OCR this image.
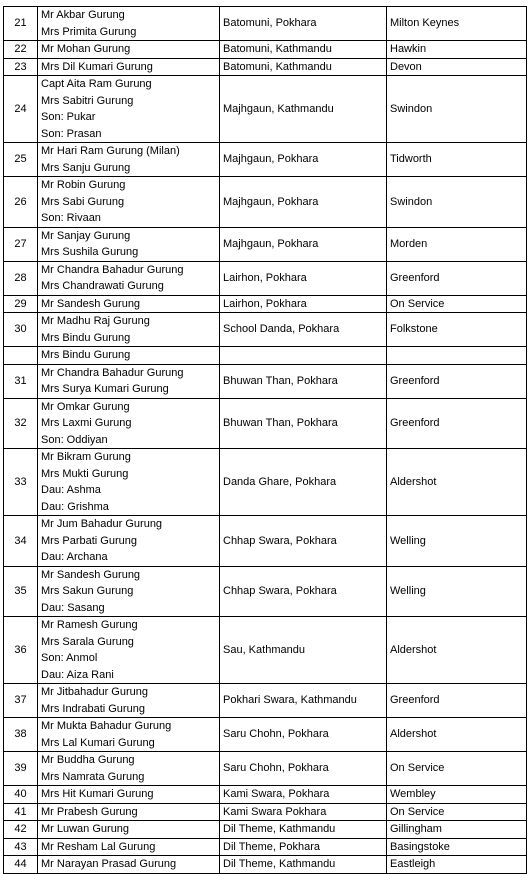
21	Mr Akbar Gurung
Mrs Primita Gurung	Batomuni, Pokhara	Milton Keynes
22	Mr Mohan Gurung	Batomuni, Kathmandu	Hawkin
23	Mrs Dil Kumari Gurung	Batomuni, Kathmandu	Devon
24	Capt Aita Ram Gurung
Mrs Sabitri Gurung
Son: Pukar
Son: Prasan	Majhgaun, Kathmandu	Swindon
25	Mr Hari Ram Gurung (Milan)
Mrs Sanju Gurung	Majhgaun, Pokhara	Tidworth
26	Mr Robin Gurung
Mrs Sabi Gurung
Son: Rivaan	Majhgaun, Pokhara	Swindon
27	Mr Sanjay Gurung
Mrs Sushila Gurung	Majhgaun, Pokhara	Morden
28	Mr Chandra Bahadur Gurung
Mrs Chandrawati Gurung	Lairhon, Pokhara	Greenford
29	Mr Sandesh Gurung	Lairhon, Pokhara	On Service
30	Mr Madhu Raj Gurung
Mrs Bindu Gurung	School Danda, Pokhara	Folkstone

	Mrs Bindu Gurung		

31	Mr Chandra Bahadur Gurung
Mrs Surya Kumari Gurung	Bhuwan Than, Pokhara	Greenford
32	Mr Omkar Gurung
Mrs Laxmi Gurung
Son: Oddiyan	Bhuwan Than, Pokhara	Greenford
33	Mr Bikram Gurung
Mrs Mukti Gurung
Dau: Ashma
Dau: Grishma	Danda Ghare, Pokhara	Aldershot
34	Mr Jum Bahadur Gurung
Mrs Parbati Gurung
Dau: Archana	Chhap Swara, Pokhara	Welling
35	Mr Sandesh Gurung
Mrs Sakun Gurung
Dau: Sasang	Chhap Swara, Pokhara	Welling
36	Mr Ramesh Gurung
Mrs Sarala Gurung
Son: Anmol
Dau: Aiza Rani	Sau, Kathmandu	Aldershot
37	Mr Jitbahadur Gurung
Mrs Indrabati Gurung	Pokhari Swara, Kathmandu	Greenford
38	Mr Mukta Bahadur Gurung
Mrs Lal Kumari Gurung	Saru Chohn, Pokhara	Aldershot
39	Mr Buddha Gurung
Mrs Namrata Gurung	Saru Chohn, Pokhara	On Service
40	Mrs Hit Kumari Gurung	Kami Swara, Pokhara	Wembley
41	Mr Prabesh Gurung	Kami Swara Pokhara	On Service
42	Mr Luwan Gurung	Dil Theme, Kathmandu	Gillingham
43	Mr Resham Lal Gurung	Dil Theme, Pokhara	Basingstoke
44	Mr Narayan Prasad Gurung	Dil Theme, Kathmandu	Eastleigh
